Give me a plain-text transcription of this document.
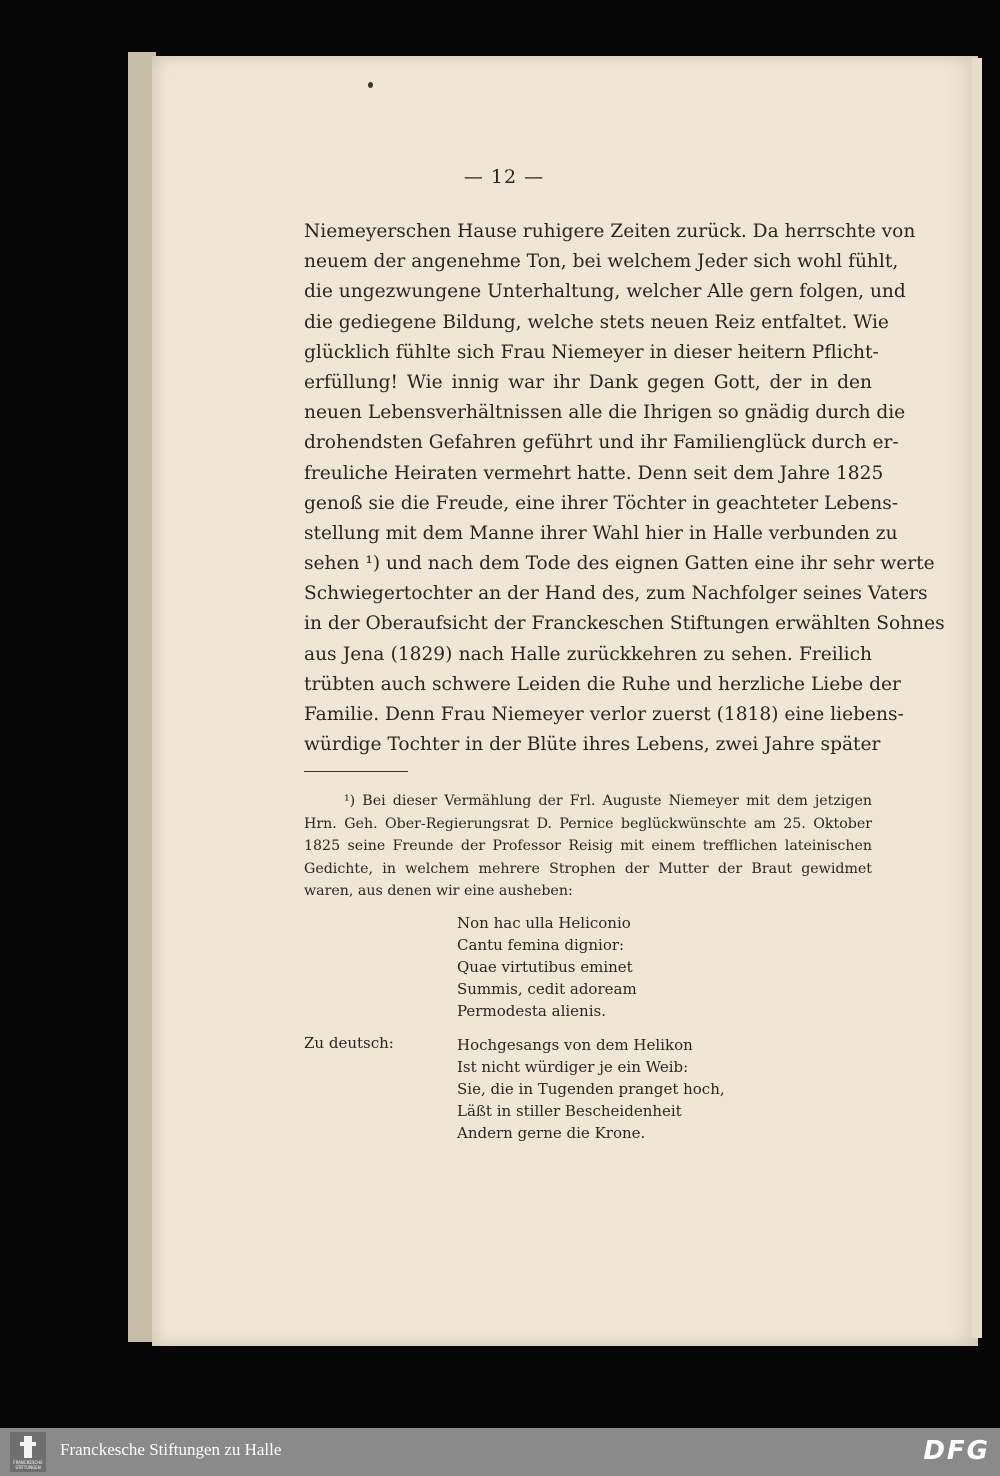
— 12 —
Niemeyerschen Hause ruhigere Zeiten zurück. Da herrschte von
neuem der angenehme Ton, bei welchem Jeder sich wohl fühlt,
die ungezwungene Unterhaltung, welcher Alle gern folgen, und
die gediegene Bildung, welche stets neuen Reiz entfaltet. Wie
glücklich fühlte sich Frau Niemeyer in dieser heitern Pflicht-
erfüllung! Wie innig war ihr Dank gegen Gott, der in den
neuen Lebensverhältnissen alle die Ihrigen so gnädig durch die
drohendsten Gefahren geführt und ihr Familienglück durch er-
freuliche Heiraten vermehrt hatte. Denn seit dem Jahre 1825
genoß sie die Freude, eine ihrer Töchter in geachteter Lebens-
stellung mit dem Manne ihrer Wahl hier in Halle verbunden zu
sehen ¹) und nach dem Tode des eignen Gatten eine ihr sehr werte
Schwiegertochter an der Hand des, zum Nachfolger seines Vaters
in der Oberaufsicht der Franckeschen Stiftungen erwählten Sohnes
aus Jena (1829) nach Halle zurückkehren zu sehen. Freilich
trübten auch schwere Leiden die Ruhe und herzliche Liebe der
Familie. Denn Frau Niemeyer verlor zuerst (1818) eine liebens-
würdige Tochter in der Blüte ihres Lebens, zwei Jahre später
¹) Bei dieser Vermählung der Frl. Auguste Niemeyer mit dem jetzigen
Hrn. Geh. Ober-Regierungsrat D. Pernice beglückwünschte am 25. Oktober
1825 seine Freunde der Professor Reisig mit einem trefflichen lateinischen
Gedichte, in welchem mehrere Strophen der Mutter der Braut gewidmet
waren, aus denen wir eine ausheben:
Non hac ulla Heliconio
Cantu femina dignior:
Quae virtutibus eminet
Summis, cedit adoream
Permodesta alienis.
Zu deutsch:	Hochgesangs von dem Helikon
Ist nicht würdiger je ein Weib:
Sie, die in Tugenden pranget hoch,
Läßt in stiller Bescheidenheit
Andern gerne die Krone.
FRANCKESCHE STIFTUNGEN
Franckesche Stiftungen zu Halle	DFG
